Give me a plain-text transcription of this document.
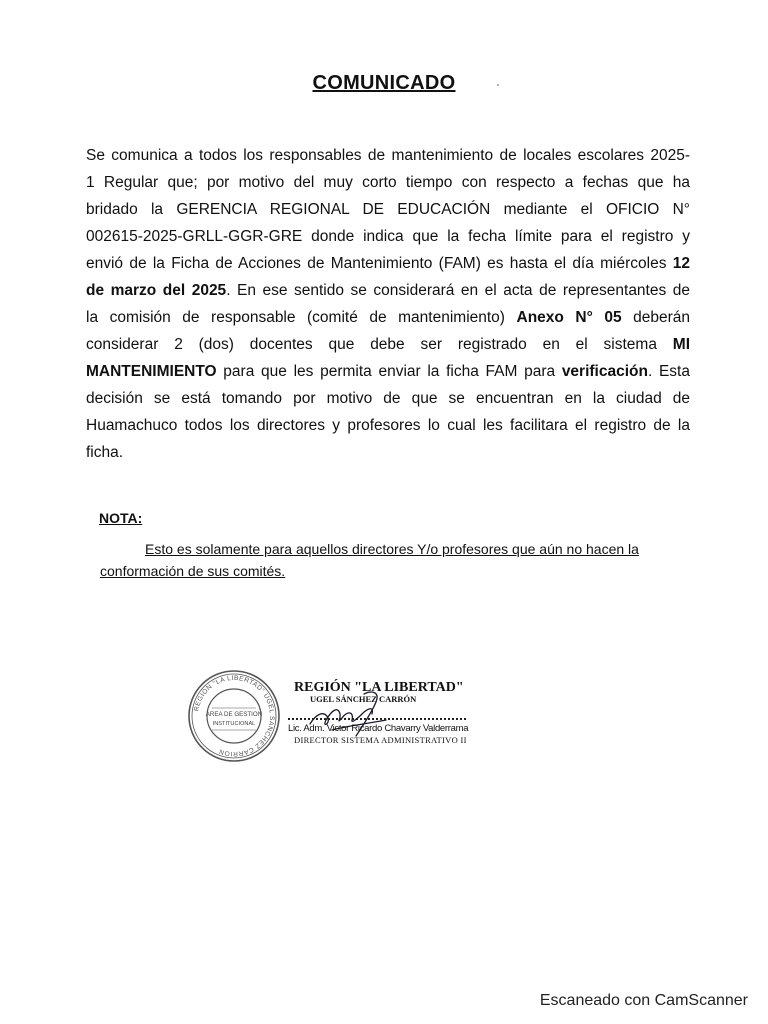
COMUNICADO
Se comunica a todos los responsables de mantenimiento de locales escolares 2025-
1 Regular que; por motivo del muy corto tiempo con respecto a fechas que ha
bridado la GERENCIA REGIONAL DE EDUCACIÓN mediante el OFICIO N°
002615-2025-GRLL-GGR-GRE donde indica que la fecha límite para el registro y
envió de la Ficha de Acciones de Mantenimiento (FAM) es hasta el día miércoles 12
de marzo del 2025. En ese sentido se considerará en el acta de representantes de
la comisión de responsable (comité de mantenimiento) Anexo N° 05 deberán
considerar 2 (dos) docentes que debe ser registrado en el sistema MI
MANTENIMIENTO para que les permita enviar la ficha FAM para verificación. Esta
decisión se está tomando por motivo de que se encuentran en la ciudad de
Huamachuco todos los directores y profesores lo cual les facilitara el registro de la
ficha.
NOTA:
Esto es solamente para aquellos directores Y/o profesores que aún no hacen la
conformación de sus comités.
REGION "LA LIBERTAD" UGEL SANCHEZ CARRION
AREA DE GESTION
INSTITUCIONAL
REGIÓN "LA LIBERTAD"
UGEL SÁNCHEZ CARRÓN
Lic. Adm. Victor Ricardo Chavarry Valderrama
DIRECTOR SISTEMA ADMINISTRATIVO II
Escaneado con CamScanner
